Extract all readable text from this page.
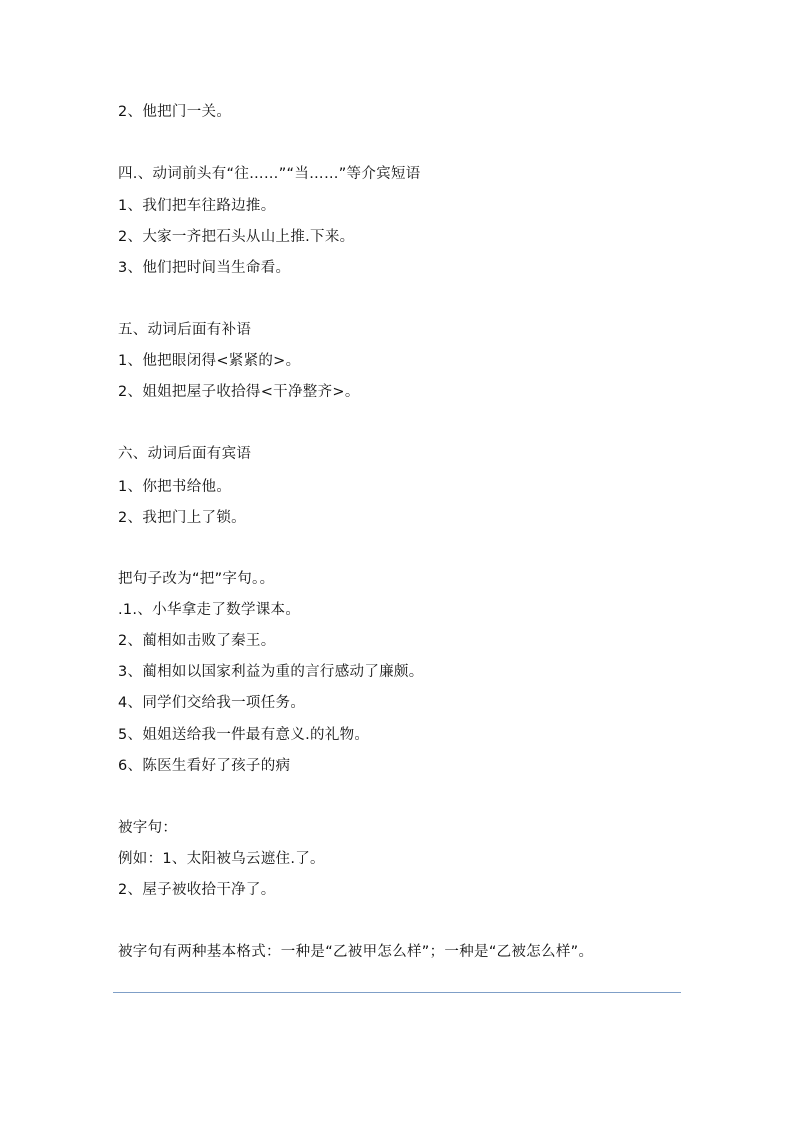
2、他把门一关。
四.、动词前头有“往……”“当……”等介宾短语
1、我们把车往路边推。
2、大家一齐把石头从山上推.下来。
3、他们把时间当生命看。
五、动词后面有补语
1、他把眼闭得<紧紧的>。
2、姐姐把屋子收拾得<干净整齐>。
六、动词后面有宾语
1、你把书给他。
2、我把门上了锁。
把句子改为“把”字句。。
.1.、小华拿走了数学课本。
2、蔺相如击败了秦王。
3、蔺相如以国家利益为重的言行感动了廉颇。
4、同学们交给我一项任务。
5、姐姐送给我一件最有意义.的礼物。
6、陈医生看好了孩子的病
被字句：
例如：1、太阳被乌云遮住.了。
2、屋子被收拾干净了。
被字句有两种基本格式：一种是“乙被甲怎么样”；一种是“乙被怎么样”。
